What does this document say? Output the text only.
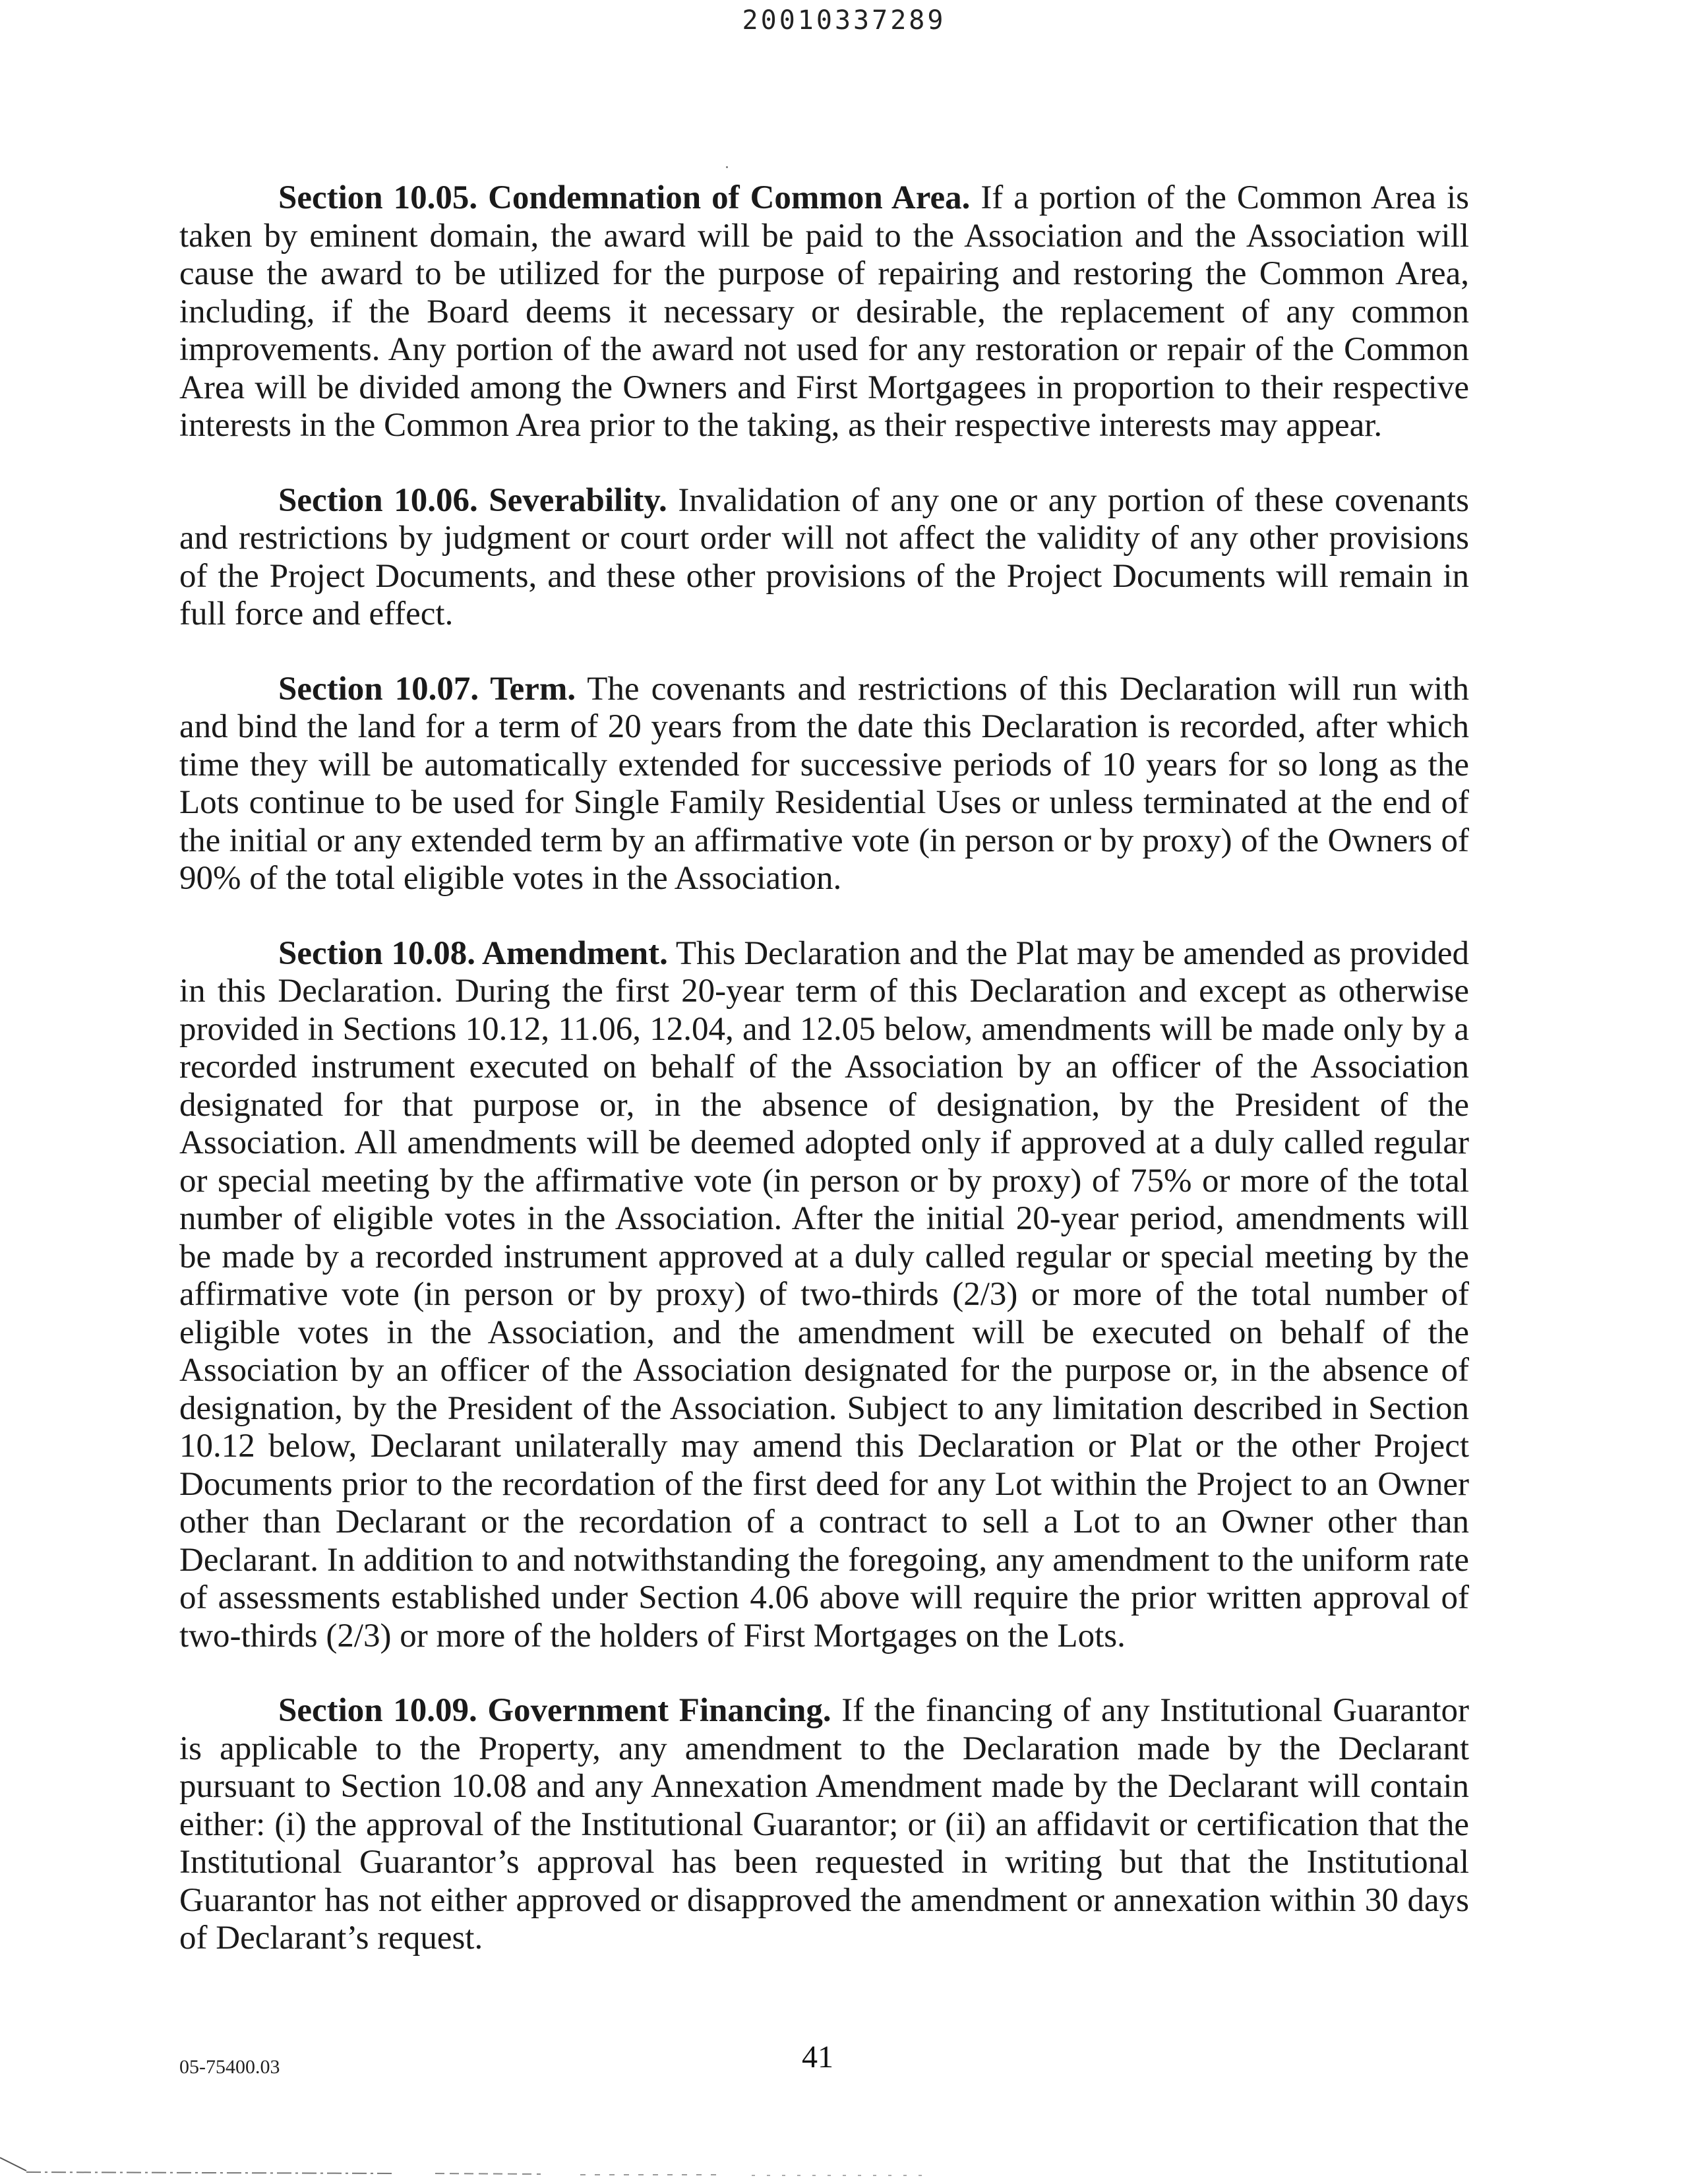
20010337289

Section 10.05. Condemnation of Common Area. If a portion of the Common Area is taken by eminent domain, the award will be paid to the Association and the Association will cause the award to be utilized for the purpose of repairing and restoring the Common Area, including, if the Board deems it necessary or desirable, the replacement of any common improvements. Any portion of the award not used for any restoration or repair of the Common Area will be divided among the Owners and First Mortgagees in proportion to their respective interests in the Common Area prior to the taking, as their respective interests may appear.

Section 10.06. Severability. Invalidation of any one or any portion of these covenants and restrictions by judgment or court order will not affect the validity of any other provisions of the Project Documents, and these other provisions of the Project Documents will remain in full force and effect.

Section 10.07. Term. The covenants and restrictions of this Declaration will run with and bind the land for a term of 20 years from the date this Declaration is recorded, after which time they will be automatically extended for successive periods of 10 years for so long as the Lots continue to be used for Single Family Residential Uses or unless terminated at the end of the initial or any extended term by an affirmative vote (in person or by proxy) of the Owners of 90% of the total eligible votes in the Association.

Section 10.08. Amendment. This Declaration and the Plat may be amended as provided in this Declaration. During the first 20-year term of this Declaration and except as otherwise provided in Sections 10.12, 11.06, 12.04, and 12.05 below, amendments will be made only by a recorded instrument executed on behalf of the Association by an officer of the Association designated for that purpose or, in the absence of designation, by the President of the Association. All amendments will be deemed adopted only if approved at a duly called regular or special meeting by the affirmative vote (in person or by proxy) of 75% or more of the total number of eligible votes in the Association. After the initial 20-year period, amendments will be made by a recorded instrument approved at a duly called regular or special meeting by the affirmative vote (in person or by proxy) of two-thirds (2/3) or more of the total number of eligible votes in the Association, and the amendment will be executed on behalf of the Association by an officer of the Association designated for the purpose or, in the absence of designation, by the President of the Association. Subject to any limitation described in Section 10.12 below, Declarant unilaterally may amend this Declaration or Plat or the other Project Documents prior to the recordation of the first deed for any Lot within the Project to an Owner other than Declarant or the recordation of a contract to sell a Lot to an Owner other than Declarant. In addition to and notwithstanding the foregoing, any amendment to the uniform rate of assessments established under Section 4.06 above will require the prior written approval of two-thirds (2/3) or more of the holders of First Mortgages on the Lots.

Section 10.09. Government Financing. If the financing of any Institutional Guarantor is applicable to the Property, any amendment to the Declaration made by the Declarant pursuant to Section 10.08 and any Annexation Amendment made by the Declarant will contain either: (i) the approval of the Institutional Guarantor; or (ii) an affidavit or certification that the Institutional Guarantor’s approval has been requested in writing but that the Institutional Guarantor has not either approved or disapproved the amendment or annexation within 30 days of Declarant’s request.

05-75400.03	41
